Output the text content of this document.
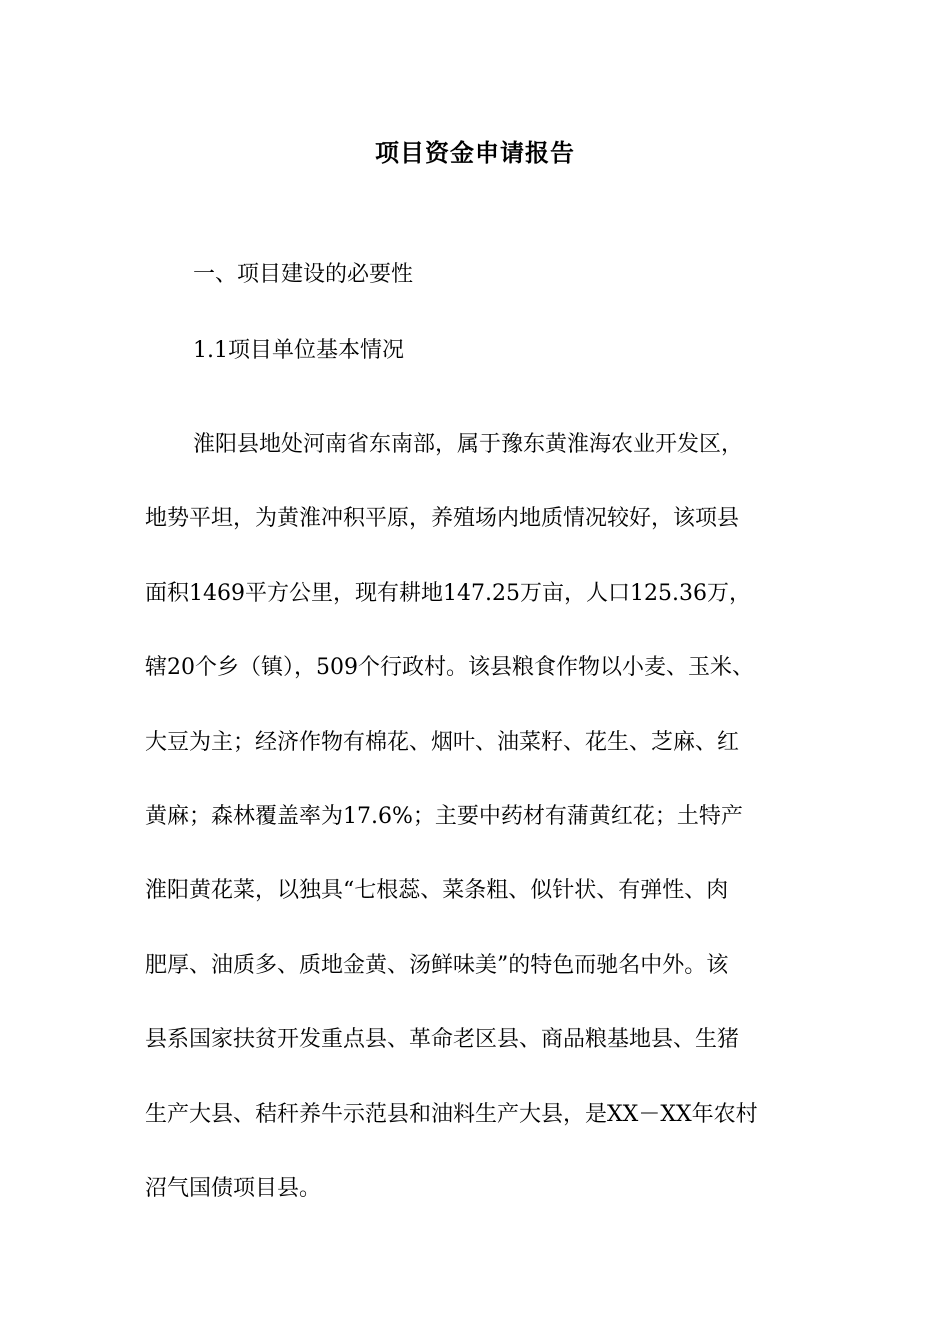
项目资金申请报告
一、项目建设的必要性
1.1项目单位基本情况
淮阳县地处河南省东南部，属于豫东黄淮海农业开发区，
地势平坦，为黄淮冲积平原，养殖场内地质情况较好，该项县
面积1469平方公里，现有耕地147.25万亩，人口125.36万，
辖20个乡（镇），509个行政村。该县粮食作物以小麦、玉米、
大豆为主；经济作物有棉花、烟叶、油菜籽、花生、芝麻、红
黄麻；森林覆盖率为17.6%；主要中药材有蒲黄红花；土特产
淮阳黄花菜，以独具“七根蕊、菜条粗、似针状、有弹性、肉
肥厚、油质多、质地金黄、汤鲜味美”的特色而驰名中外。该
县系国家扶贫开发重点县、革命老区县、商品粮基地县、生猪
生产大县、秸秆养牛示范县和油料生产大县，是XX－XX年农村
沼气国债项目县。
